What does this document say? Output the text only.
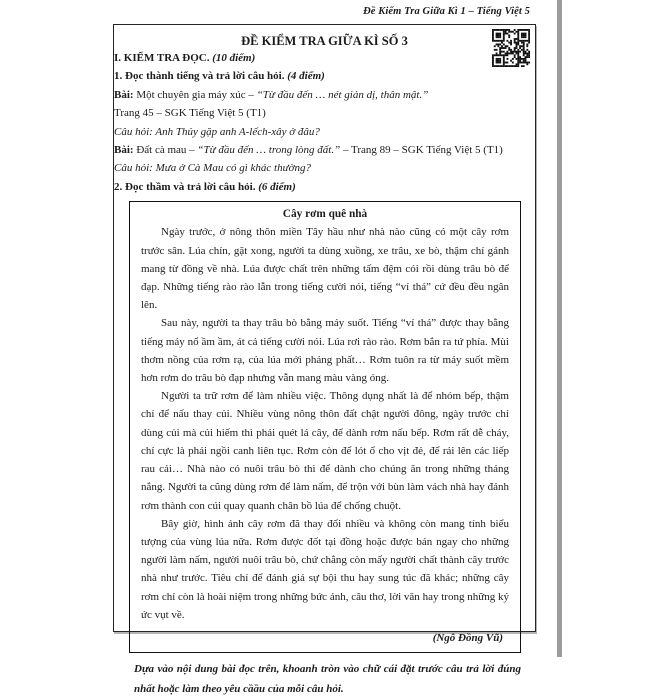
Đề Kiểm Tra Giữa Kì 1 – Tiếng Việt 5

ĐỀ KIỂM TRA GIỮA KÌ SỐ 3

I. KIỂM TRA ĐỌC. (10 điểm)

1. Đọc thành tiếng và trả lời câu hỏi. (4 điểm)

Bài: Một chuyên gia máy xúc – “Từ đầu đến … nét giản dị, thân mật.”

Trang 45 – SGK Tiếng Việt 5 (T1)

Câu hỏi: Anh Thủy gặp anh A-lếch-xây ở đâu?

Bài: Đất cà mau – “Từ đầu đến … trong lòng đất.” – Trang 89 – SGK Tiếng Việt 5 (T1)

Câu hỏi: Mưa ở Cà Mau có gì khác thường?

2. Đọc thầm và trả lời câu hỏi. (6 điểm)

Cây rơm quê nhà

Ngày trước, ở nông thôn miền Tây hầu như nhà nào cũng có một cây rơm trước sân. Lúa chín, gặt xong, người ta dùng xuồng, xe trâu, xe bò, thậm chí gánh mang từ đồng về nhà. Lúa được chất trên những tấm đệm cói rồi dùng trâu bò để đạp. Những tiếng rào rào lẫn trong tiếng cười nói, tiếng “ví thá” cứ đều đều ngân lên.

Sau này, người ta thay trâu bò bằng máy suốt. Tiếng “ví thá” được thay bằng tiếng máy nổ ầm ầm, át cả tiếng cười nói. Lúa rơi rào rào. Rơm bắn ra tứ phía. Mùi thơm nồng của rơm rạ, của lúa mới phảng phất… Rơm tuôn ra từ máy suốt mềm hơn rơm do trâu bò đạp nhưng vẫn mang màu vàng óng.

Người ta trữ rơm để làm nhiều việc. Thông dụng nhất là để nhóm bếp, thậm chí để nấu thay củi. Nhiều vùng nông thôn đất chật người đông, ngày trước chỉ dùng củi mà củi hiếm thì phải quét lá cây, để dành rơm nấu bếp. Rơm rất dễ cháy, chỉ cực là phải ngồi canh liên tục. Rơm còn để lót ổ cho vịt đẻ, để rải lên các liếp rau cải… Nhà nào có nuôi trâu bò thì để dành cho chúng ăn trong những tháng nắng. Người ta cũng dùng rơm để làm nấm, để trộn với bùn làm vách nhà hay đánh rơm thành con cúi quay quanh chân bồ lúa để chống chuột.

Bây giờ, hình ảnh cây rơm đã thay đổi nhiều và không còn mang tính biểu tượng của vùng lúa nữa. Rơm được đốt tại đồng hoặc được bán ngay cho những người làm nấm, người nuôi trâu bò, chứ chẳng còn mấy người chất thành cây trước nhà như trước. Tiêu chí để đánh giá sự bội thu hay sung túc đã khác; những cây rơm chỉ còn là hoài niệm trong những bức ảnh, câu thơ, lời văn hay trong những ký ức vụt về.

(Ngô Đồng Vũ)

Dựa vào nội dung bài đọc trên, khoanh tròn vào chữ cái đặt trước câu trả lời đúng nhất hoặc làm theo yêu cầầu của mỗi câu hỏi.
